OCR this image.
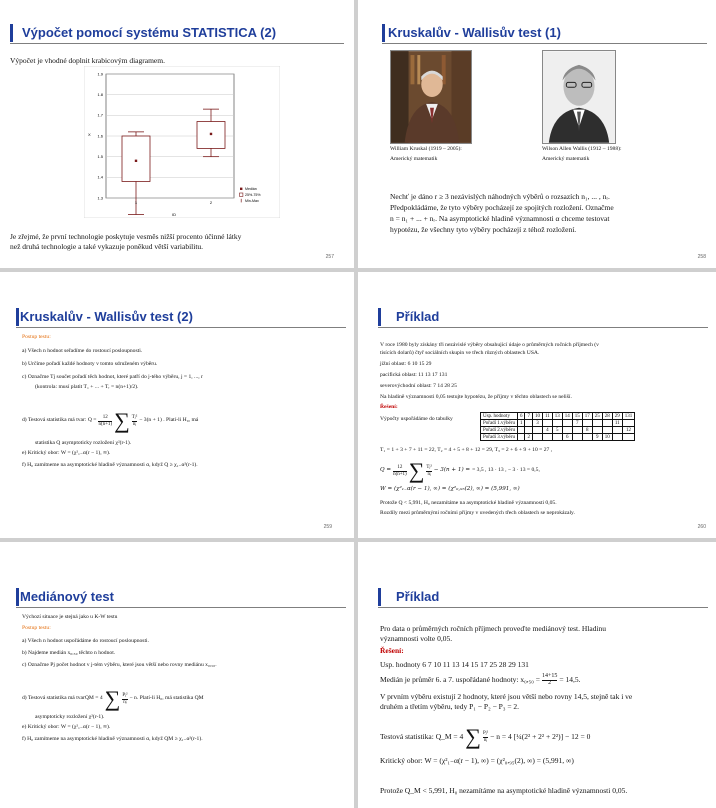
Výpočet pomocí systému STATISTICA (2)
Výpočet je vhodné doplnit krabicovým diagramem.
1.9
1.8
1.7
1.6
1.5
1.4
1.3
X
ID
1	2
Medián
25%-75%
Min-Max
Je zřejmé, že první technologie poskytuje vesměs nižší procento účinné látky
než druhá technologie a také vykazuje poněkud větší variabilitu.
257
Kruskalův - Wallisův test (1)
William Kruskal (1919 – 2005):
Americký matematik
Wilson Allen Wallis (1912 – 1988):
Americký matematik
Nechť je dáno r ≥ 3 nezávislých náhodných výběrů o rozsazích n₁, ... , nᵣ.
Předpokládáme, že tyto výběry pocházejí ze spojitých rozložení. Označme
n = n₁ + ... + nᵣ. Na asymptotické hladině významnosti α chceme testovat
hypotézu, že všechny tyto výběry pocházejí z téhož rozložení.
258
Kruskalův - Wallisův test (2)
Postup testu:
a) Všech n hodnot seřadíme do rostoucí posloupnosti.
b) Určíme pořadí každé hodnoty v tomto sdruženém výběru.
c) Označme Tj součet pořadí těch hodnot, které patří do j-tého výběru, j = 1, ..., r
(kontrola: musí platit T₁ + ... + Tᵣ = n(n+1)/2).
d) Testová statistika má tvar: $Q = \frac{12}{n(n+1)}$ ∑ $\frac{\text{Tⱼ²}}{\text{nⱼ}} - 3(n + 1)$ . Platí-li H₀, má
statistika Q asymptoticky rozložení χ²(r-1).
e) Kritický obor: W = (χ²₁₋α(r − 1), ∞).
f) H₀ zamítneme na asymptotické hladině významnosti α, když Q ≥ χ₁₋α²(r-1).
259
Příklad
V roce 1980 byly získány tři nezávislé výběry obsahující údaje o průměrných ročních příjmech (v
tisících dolarů) čtyř sociálních skupin ve třech různých oblastech USA.
jižní oblast: 6 10 15 29
pacifická oblast: 11 13 17 131
severovýchodní oblast: 7 14 28 25
Na hladině významnosti 0,05 testujte hypotézu, že příjmy v těchto oblastech se neliší.
Řešení:
Výpočty uspořádáme do tabulky	Usp. hodnoty	6	7	10	11	13	14	15	17	25	28	29	131
Pořadí 1.výběru	1		3				7				11	
Pořadí 2.výběru				4	5			8				12
Pořadí 3.výběru		2				6			9	10		
T₁ = 1 + 3 + 7 + 11 = 22, T₂ = 4 + 5 + 8 + 12 = 29, T₃ = 2 + 6 + 9 + 10 = 27 ,
$Q = \frac{12}{n(n+1)}$ ∑ $\frac{\text{Tⱼ²}}{\text{nⱼ}} - 3(n + 1)$ = = 3,5 , 13 · 13 , − 3 · 13 = 0,5,
W = (χ²₁₋α(r − 1), ∞) = (χ²₀,₉₅(2), ∞) = (5,991, ∞)
Protože Q < 5,991, H₀ nezamítáme na asymptotické hladině významnosti 0,05.
Rozdíly mezi průměrnými ročními příjmy v uvedených třech oblastech se neprokázaly.
260
Mediánový test
Výchozí situace je stejná jako u K-W testu
Postup testu:
a) Všech n hodnot uspořádáme do rostoucí posloupnosti.
b) Najdeme medián x₀,₅₀ těchto n hodnot.
c) Označme Pj počet hodnot v j-tém výběru, které jsou větší nebo rovny mediánu x₀,₅₀.
d) Testová statistika má tvarQM = 4 ∑ $\frac{\text{Pⱼ²}}{\text{nⱼ}} - n$. Platí-li H₀, má statistika QM
asymptoticky rozložení χ²(r-1).
e) Kritický obor: W = (χ²₁₋α(r − 1), ∞).
f) H₀ zamítneme na asymptotické hladině významnosti α, když QM ≥ χ₁₋α²(r-1).
Příklad
Pro data o průměrných ročních příjmech proveďte mediánový test. Hladinu
významnosti volte 0,05.
Řešení:
Usp. hodnoty 6 7 10 11 13 14 15 17 25 28 29 131
Medián je průměr 6. a 7. uspořádané hodnoty: $x_0,_{50} = \frac{14+15}{2} = 14,5$.
V prvním výběru existují 2 hodnoty, které jsou větší nebo rovny 14,5, stejně tak i ve
druhém a třetím výběru, tedy P₁ − P₂ − P₃ = 2.
Testová statistika: Q_M = 4 ∑ $\frac{\text{Pⱼ²}}{\text{nⱼ}} - n = 4$ [¼(2² + 2² + 2²)] − 12 = 0
Kritický obor: W = (χ²₁₋α(r − 1), ∞) = (χ²₀,₉₅(2), ∞) = (5,991, ∞)
Protože Q_M < 5,991, H₀ nezamítáme na asymptotické hladině významnosti 0,05.
